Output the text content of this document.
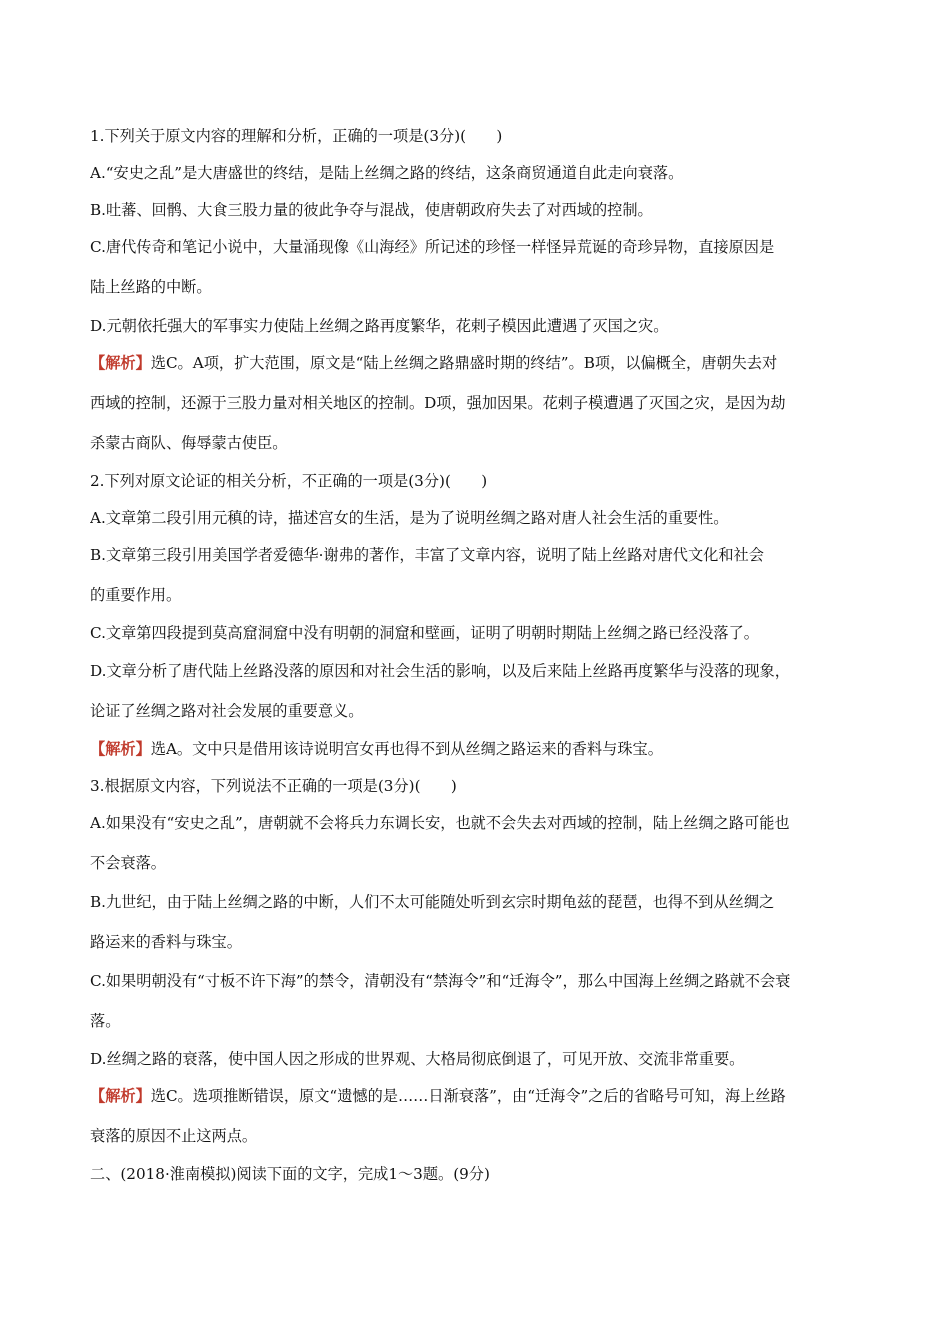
1.下列关于原文内容的理解和分析，正确的一项是(3分)(　　)
A.“安史之乱”是大唐盛世的终结，是陆上丝绸之路的终结，这条商贸通道自此走向衰落。
B.吐蕃、回鹘、大食三股力量的彼此争夺与混战，使唐朝政府失去了对西域的控制。
C.唐代传奇和笔记小说中，大量涌现像《山海经》所记述的珍怪一样怪异荒诞的奇珍异物，直接原因是
陆上丝路的中断。
D.元朝依托强大的军事实力使陆上丝绸之路再度繁华，花剌子模因此遭遇了灭国之灾。
【解析】选C。A项，扩大范围，原文是“陆上丝绸之路鼎盛时期的终结”。B项，以偏概全，唐朝失去对
西域的控制，还源于三股力量对相关地区的控制。D项，强加因果。花剌子模遭遇了灭国之灾，是因为劫
杀蒙古商队、侮辱蒙古使臣。
2.下列对原文论证的相关分析，不正确的一项是(3分)(　　)
A.文章第二段引用元稹的诗，描述宫女的生活，是为了说明丝绸之路对唐人社会生活的重要性。
B.文章第三段引用美国学者爱德华·谢弗的著作，丰富了文章内容，说明了陆上丝路对唐代文化和社会
的重要作用。
C.文章第四段提到莫高窟洞窟中没有明朝的洞窟和壁画，证明了明朝时期陆上丝绸之路已经没落了。
D.文章分析了唐代陆上丝路没落的原因和对社会生活的影响，以及后来陆上丝路再度繁华与没落的现象，
论证了丝绸之路对社会发展的重要意义。
【解析】选A。文中只是借用该诗说明宫女再也得不到从丝绸之路运来的香料与珠宝。
3.根据原文内容，下列说法不正确的一项是(3分)(　　)
A.如果没有“安史之乱”，唐朝就不会将兵力东调长安，也就不会失去对西域的控制，陆上丝绸之路可能也
不会衰落。
B.九世纪，由于陆上丝绸之路的中断，人们不太可能随处听到玄宗时期龟兹的琵琶，也得不到从丝绸之
路运来的香料与珠宝。
C.如果明朝没有“寸板不许下海”的禁令，清朝没有“禁海令”和“迁海令”，那么中国海上丝绸之路就不会衰
落。
D.丝绸之路的衰落，使中国人因之形成的世界观、大格局彻底倒退了，可见开放、交流非常重要。
【解析】选C。选项推断错误，原文“遗憾的是……日渐衰落”，由“迁海令”之后的省略号可知，海上丝路
衰落的原因不止这两点。
二、(2018·淮南模拟)阅读下面的文字，完成1～3题。(9分)
